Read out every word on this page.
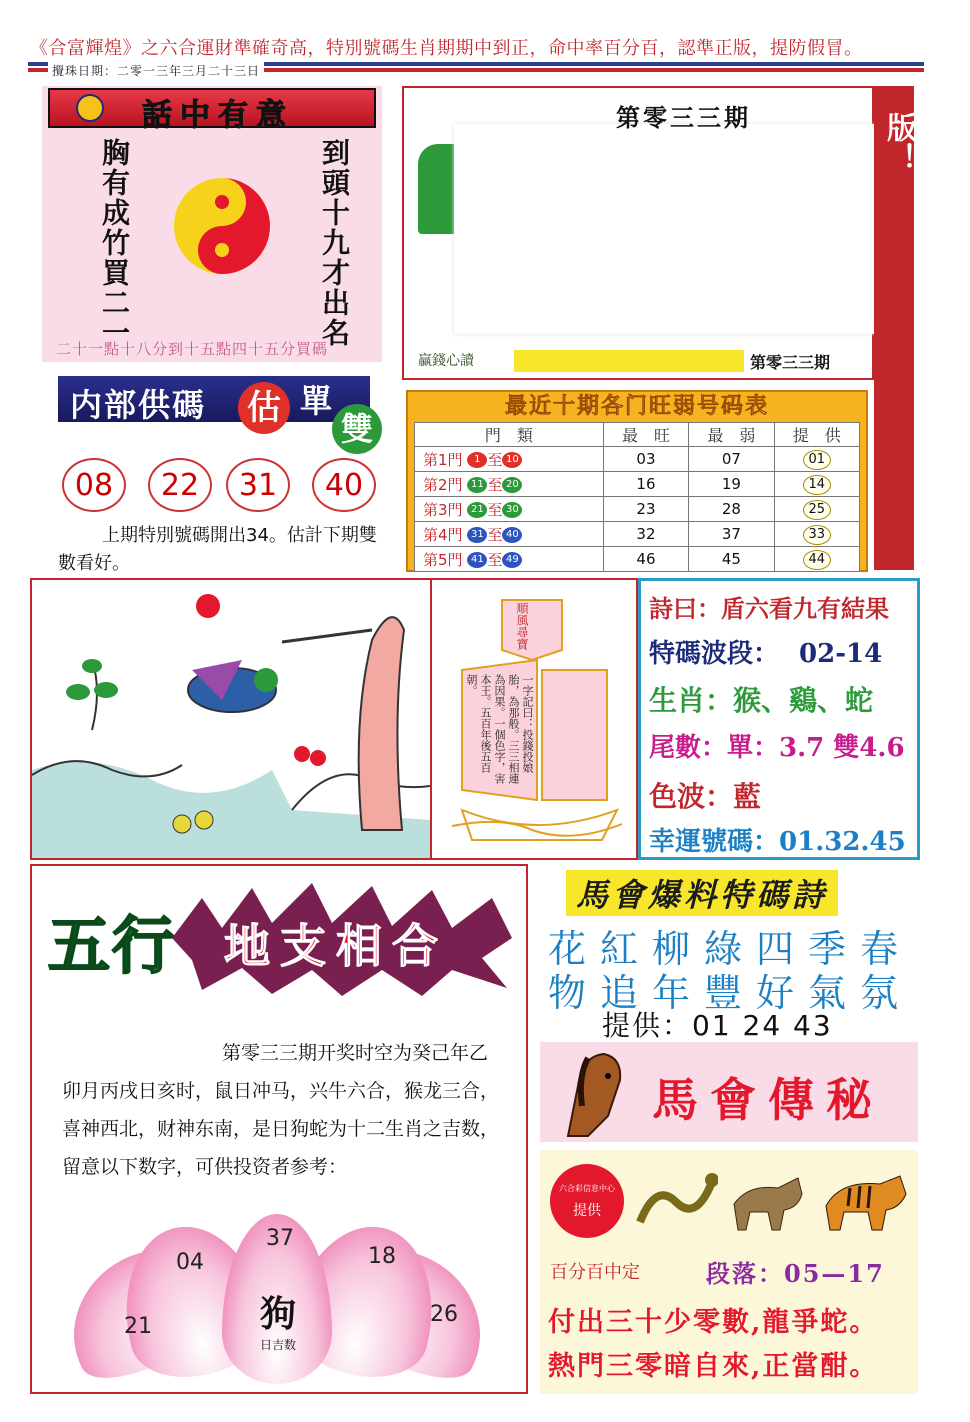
《合富輝煌》之六合運財準確奇高，特別號碼生肖期期中到正，命中率百分百，認準正版，提防假冒。
攪珠日期：二零一三年三月二十三日
話中有意
胸有成竹買二一	到頭十九才出名
二十一點十八分到十五點四十五分買碼
第零三三期
贏錢心讀	第零三三期	六合權威：《合富輝煌》强势出版！
内部供碼 估 單
雙
08	22	31	40
上期特別號碼開出34。估計下期雙數看好。
最近十期各门旺弱号码表
門　類	最　旺	最　弱	提　供
第1門 1 至 10	03	07	01
第2門 11 至 20	16	19	14
第3門 21 至 30	23	28	25
第4門 31 至 40	32	37	33
第5門 41 至 49	46	45	44
順風尋寶
一字記曰：投錢投娘胎，為那般。三三相連為因果。一個色字，害本王。五百年後五百朝。
詩曰：盾六看九有結果
特碼波段： 02-14
生肖：猴、鷄、蛇
尾數：單：3.7 雙4.6
色波：藍
幸運號碼：01.32.45
五行 地支相合
第零三三期开奖时空为癸己年乙卯月丙戌日亥时，鼠日冲马，兴牛六合，猴龙三合，喜神西北，财神东南，是日狗蛇为十二生肖之吉数，留意以下数字，可供投资者参考：
37
04	18
21	26
狗
日吉数
馬會爆料特碼詩
花紅柳綠四季春
物追年豐好氣氛
提供：01 24 43
馬會傳秘
六合彩信息中心
提供
百分百中定	段落：05—17
付出三十少零數,龍爭蛇。
熱門三零暗自來,正當酣。
